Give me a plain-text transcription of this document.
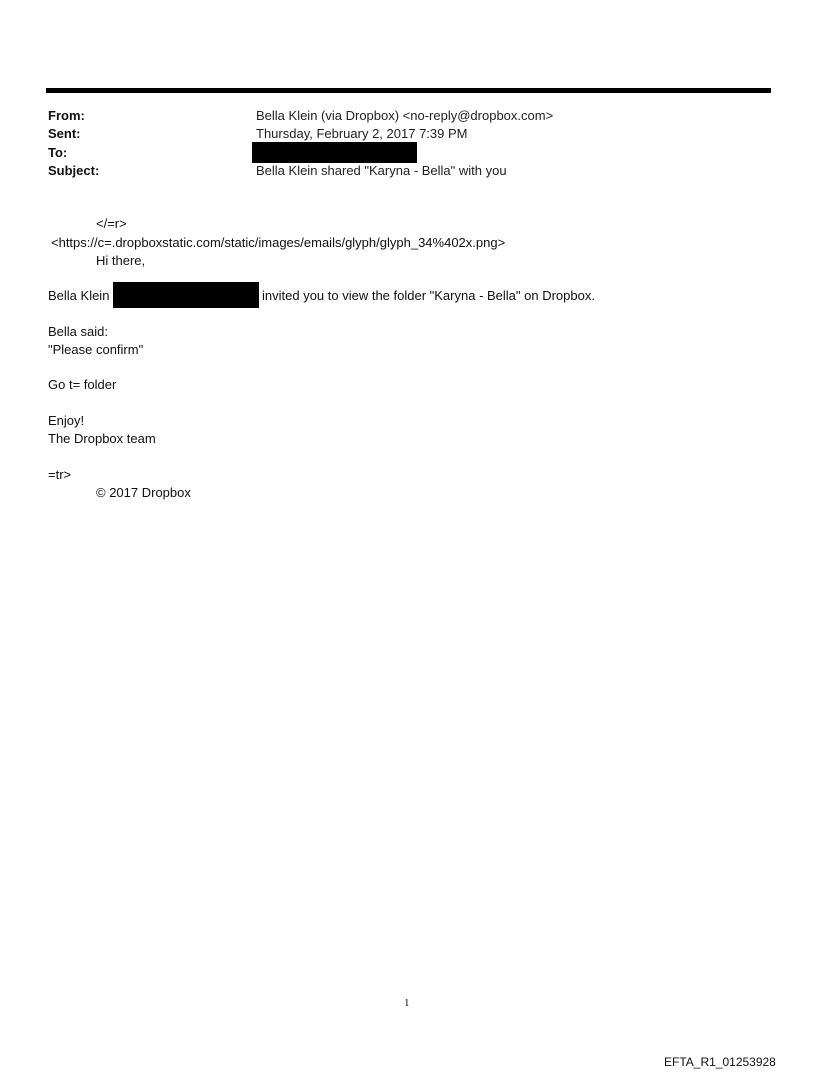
From:	Bella Klein (via Dropbox) <no-reply@dropbox.com>
Sent:	Thursday, February 2, 2017 7:39 PM
To:
Subject:	Bella Klein shared "Karyna - Bella" with you
</=r>
<https://c=.dropboxstatic.com/static/images/emails/glyph/glyph_34%402x.png>
Hi there,
Bella Klein	invited you to view the folder "Karyna - Bella" on Dropbox.
Bella said:
"Please confirm"
Go t= folder
Enjoy!
The Dropbox team
=tr>
© 2017 Dropbox
1
EFTA_R1_01253928
